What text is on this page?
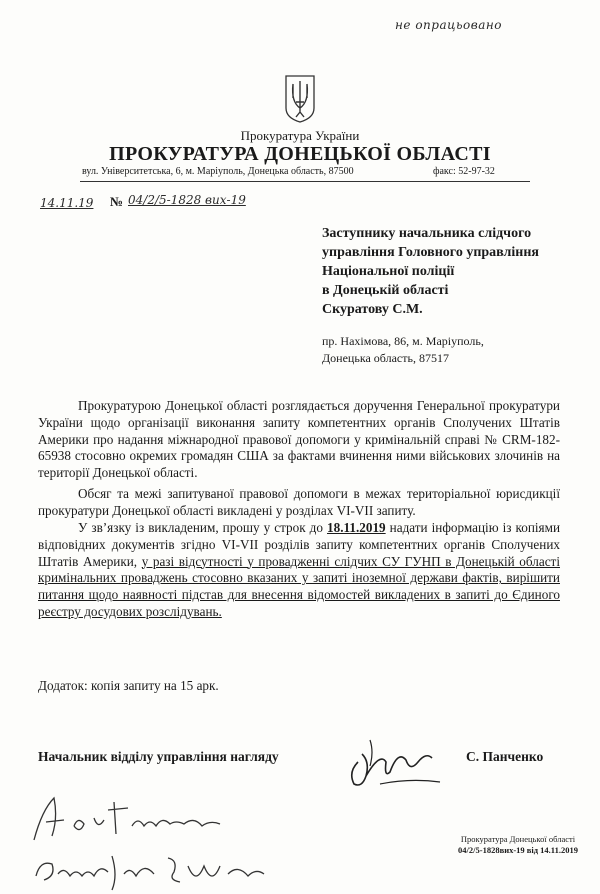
не опрацьовано
Прокуратура України
ПРОКУРАТУРА ДОНЕЦЬКОЇ ОБЛАСТІ
вул. Університетська, 6, м. Маріуполь, Донецька область, 87500	факс: 52-97-32
14.11.19 № 04/2/5-1828 вих-19
Заступнику начальника слідчого
управління Головного управління
Національної поліції
в Донецькій області
Скуратову С.М.
пр. Нахімова, 86, м. Маріуполь,
Донецька область, 87517
Прокуратурою Донецької області розглядається доручення Генеральної прокуратури України щодо організації виконання запиту компетентних органів Сполучених Штатів Америки про надання міжнародної правової допомоги у кримінальній справі № CRM-182-65938 стосовно окремих громадян США за фактами вчинення ними військових злочинів на території Донецької області.
Обсяг та межі запитуваної правової допомоги в межах територіальної юрисдикції прокуратури Донецької області викладені у розділах VI-VII запиту.
У зв’язку із викладеним, прошу у строк до 18.11.2019 надати інформацію із копіями відповідних документів згідно VI-VII розділів запиту компетентних органів Сполучених Штатів Америки, у разі відсутності у провадженні слідчих СУ ГУНП в Донецькій області кримінальних проваджень стосовно вказаних у запиті іноземної держави фактів, вирішити питання щодо наявності підстав для внесення відомостей викладених в запиті до Єдиного реєстру досудових розслідувань.
Додаток: копія запиту на 15 арк.
Начальник відділу управління нагляду	С. Панченко
Прокуратура Донецької області
04/2/5-1828вих-19 від 14.11.2019
